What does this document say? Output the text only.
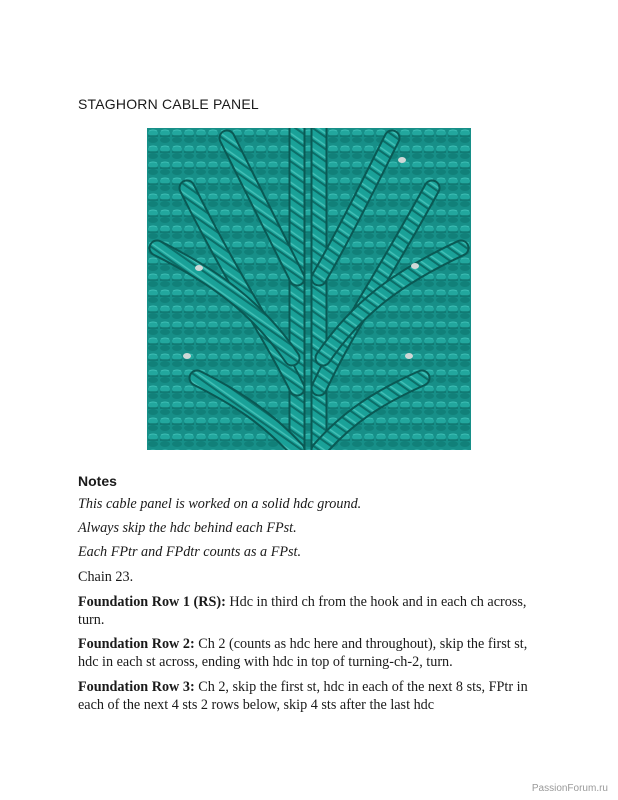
STAGHORN CABLE PANEL
Notes
This cable panel is worked on a solid hdc ground.
Always skip the hdc behind each FPst.
Each FPtr and FPdtr counts as a FPst.
Chain 23.
Foundation Row 1 (RS): Hdc in third ch from the hook and in each ch across, turn.
Foundation Row 2: Ch 2 (counts as hdc here and throughout), skip the first st, hdc in each st across, ending with hdc in top of turning-ch-2, turn.
Foundation Row 3: Ch 2, skip the first st, hdc in each of the next 8 sts, FPtr in each of the next 4 sts 2 rows below, skip 4 sts after the last hdc
PassionForum.ru
